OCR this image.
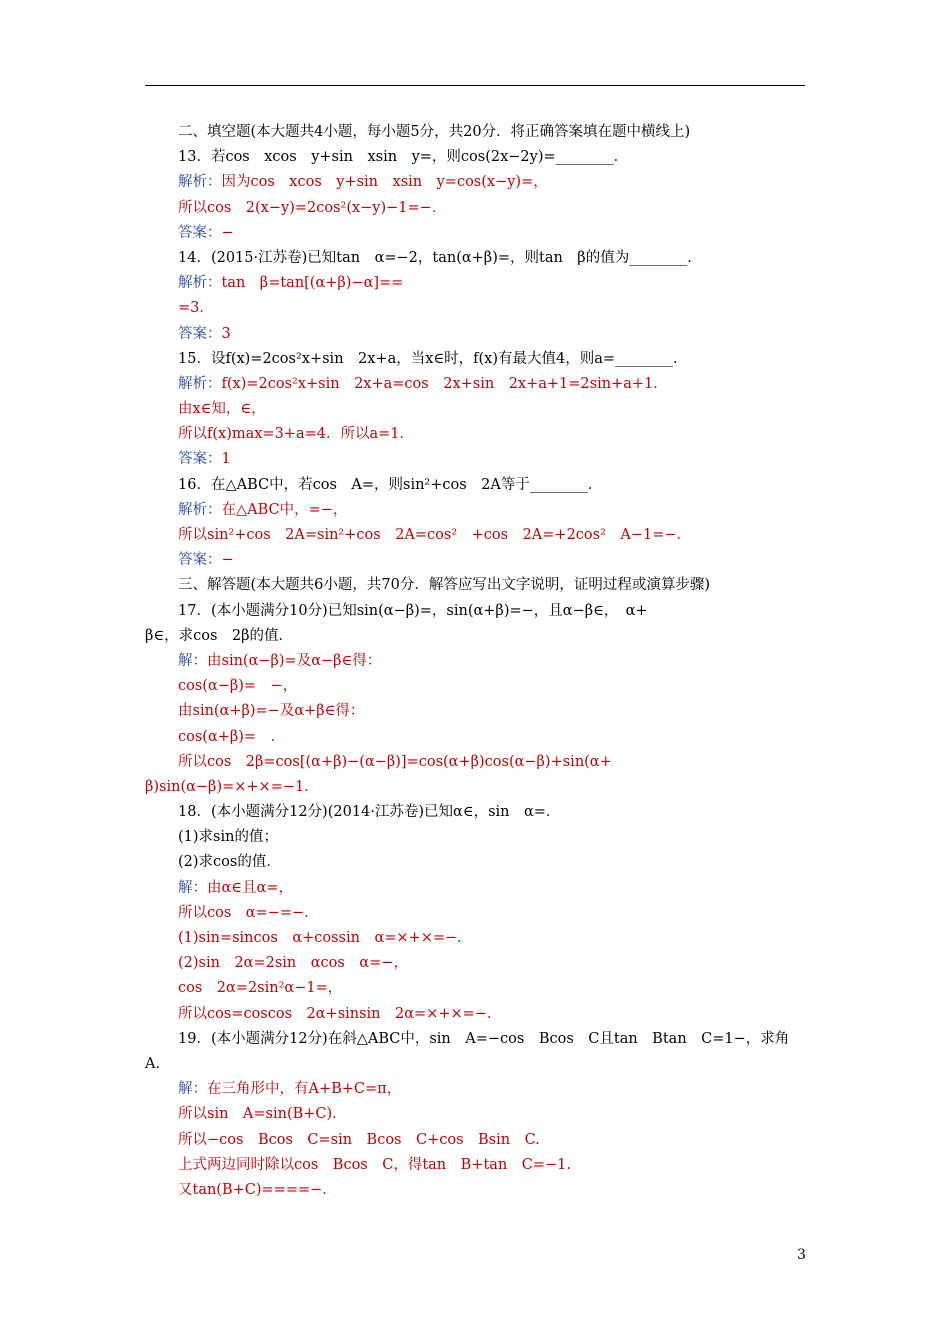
二、填空题(本大题共4小题，每小题5分，共20分．将正确答案填在题中横线上)
13．若cos　xcos　y+sin　xsin　y=，则cos(2x−2y)=________．
解析：因为cos　xcos　y+sin　xsin　y=cos(x−y)=，
所以cos　2(x−y)=2cos²(x−y)−1=−．
答案：−
14．(2015·江苏卷)已知tan　α=−2，tan(α+β)=，则tan　β的值为________．
解析：tan　β=tan[(α+β)−α]==
=3．
答案：3
15．设f(x)=2cos²x+sin　2x+a，当x∈时，f(x)有最大值4，则a=________．
解析：f(x)=2cos²x+sin　2x+a=cos　2x+sin　2x+a+1=2sin+a+1．
由x∈知，∈，
所以f(x)max=3+a=4．所以a=1．
答案：1
16．在△ABC中，若cos　A=，则sin²+cos　2A等于________．
解析：在△ABC中，=−，
所以sin²+cos　2A=sin²+cos　2A=cos²　+cos　2A=+2cos²　A−1=−．
答案：−
三、解答题(本大题共6小题，共70分．解答应写出文字说明，证明过程或演算步骤)
17．(本小题满分10分)已知sin(α−β)=，sin(α+β)=−，且α−β∈，　α+
β∈，求cos　2β的值．
解：由sin(α−β)=及α−β∈得：
cos(α−β)=　−，
由sin(α+β)=−及α+β∈得：
cos(α+β)=　．
所以cos　2β=cos[(α+β)−(α−β)]=cos(α+β)cos(α−β)+sin(α+
β)sin(α−β)=×+×=−1．
18．(本小题满分12分)(2014·江苏卷)已知α∈，sin　α=．
(1)求sin的值；
(2)求cos的值．
解：由α∈且α=，
所以cos　α=−=−．
(1)sin=sincos　α+cossin　α=×+×=−．
(2)sin　2α=2sin　αcos　α=−，
cos　2α=2sin²α−1=，
所以cos=coscos　2α+sinsin　2α=×+×=−．
19．(本小题满分12分)在斜△ABC中，sin　A=−cos　Bcos　C且tan　Btan　C=1−，求角
A.
解：在三角形中，有A+B+C=π，
所以sin　A=sin(B+C)．
所以−cos　Bcos　C=sin　Bcos　C+cos　Bsin　C.
上式两边同时除以cos　Bcos　C，得tan　B+tan　C=−1.
又tan(B+C)====−．
3
